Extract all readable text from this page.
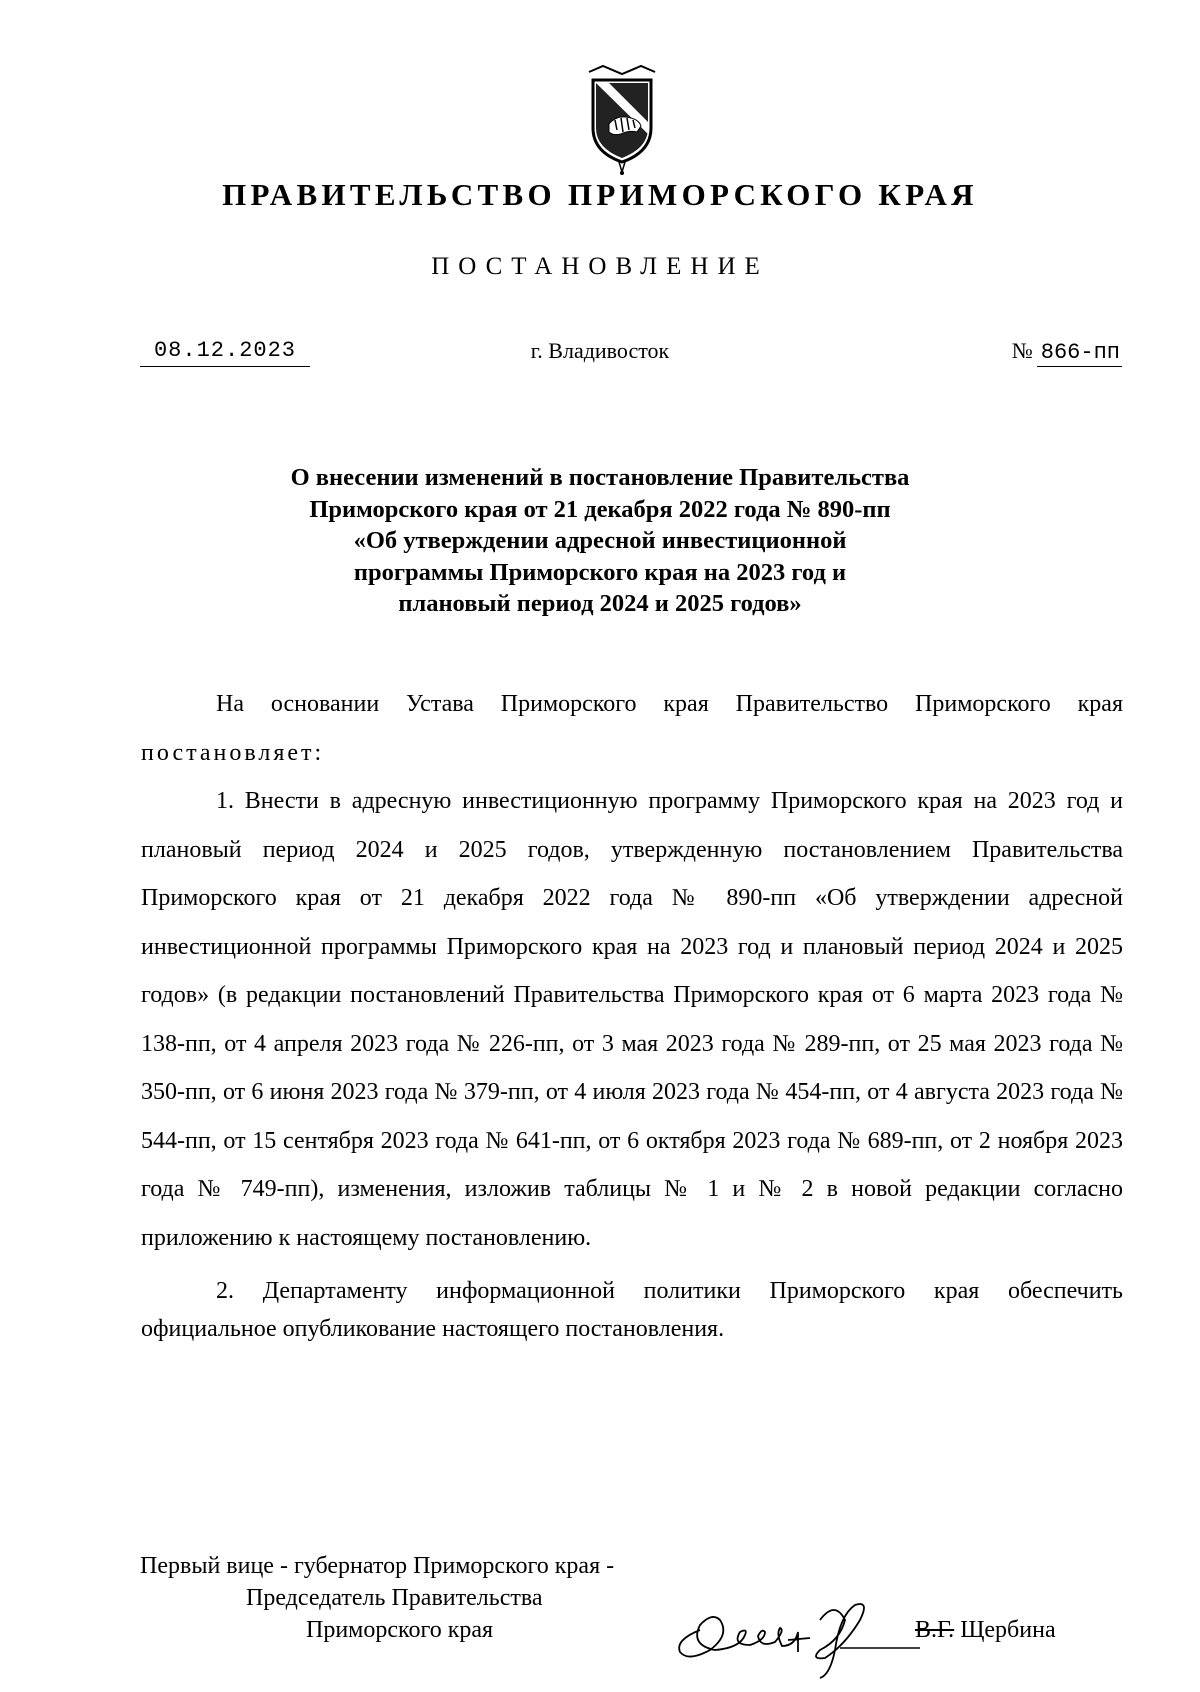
ПРАВИТЕЛЬСТВО ПРИМОРСКОГО КРАЯ
ПОСТАНОВЛЕНИЕ
08.12.2023	г. Владивосток	№ 866-пп
О внесении изменений в постановление Правительства
Приморского края от 21 декабря 2022 года № 890-пп
«Об утверждении адресной инвестиционной
программы Приморского края на 2023 год и
плановый период 2024 и 2025 годов»

На основании Устава Приморского края Правительство Приморского края постановляет:

1. Внести в адресную инвестиционную программу Приморского края на 2023 год и плановый период 2024 и 2025 годов, утвержденную постановлением Правительства Приморского края от 21 декабря 2022 года № 890-пп «Об утверждении адресной инвестиционной программы Приморского края на 2023 год и плановый период 2024 и 2025 годов» (в редакции постановлений Правительства Приморского края от 6 марта 2023 года № 138-пп, от 4 апреля 2023 года № 226-пп, от 3 мая 2023 года № 289-пп, от 25 мая 2023 года № 350-пп, от 6 июня 2023 года № 379-пп, от 4 июля 2023 года № 454-пп, от 4 августа 2023 года № 544-пп, от 15 сентября 2023 года № 641-пп, от 6 октября 2023 года № 689-пп, от 2 ноября 2023 года № 749-пп), изменения, изложив таблицы № 1 и № 2 в новой редакции согласно приложению к настоящему постановлению.

2. Департаменту информационной политики Приморского края обеспечить официальное опубликование настоящего постановления.

Первый вице - губернатор Приморского края -
Председатель Правительства
Приморского края	В.Г. Щербина
